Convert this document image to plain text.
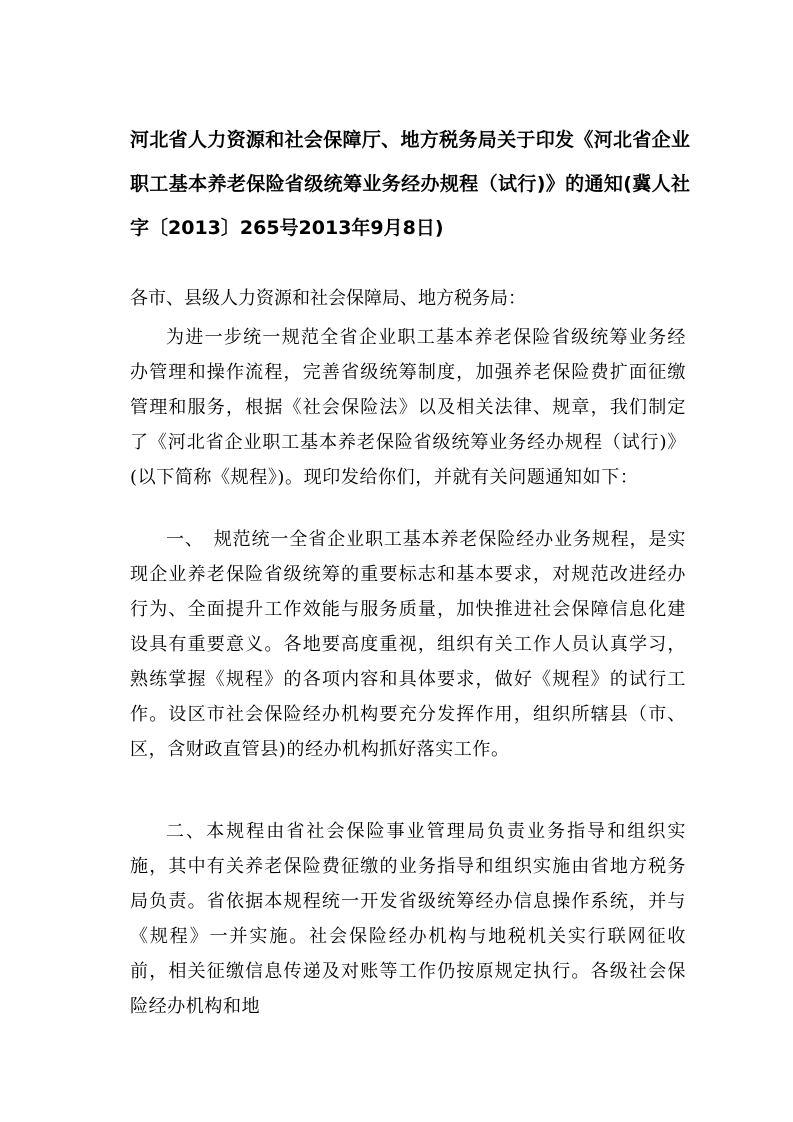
河北省人力资源和社会保障厅、地方税务局关于印发《河北省企业职工基本养老保险省级统筹业务经办规程（试行)》的通知(冀人社字〔2013〕265号2013年9月8日)

各市、县级人力资源和社会保障局、地方税务局：

为进一步统一规范全省企业职工基本养老保险省级统筹业务经办管理和操作流程，完善省级统筹制度，加强养老保险费扩面征缴管理和服务，根据《社会保险法》以及相关法律、规章，我们制定了《河北省企业职工基本养老保险省级统筹业务经办规程（试行)》(以下简称《规程》)。现印发给你们，并就有关问题通知如下：

一、　规范统一全省企业职工基本养老保险经办业务规程，是实现企业养老保险省级统筹的重要标志和基本要求，对规范改进经办行为、全面提升工作效能与服务质量，加快推进社会保障信息化建设具有重要意义。各地要高度重视，组织有关工作人员认真学习，熟练掌握《规程》的各项内容和具体要求，做好《规程》的试行工作。设区市社会保险经办机构要充分发挥作用，组织所辖县（市、区，含财政直管县)的经办机构抓好落实工作。

二、本规程由省社会保险事业管理局负责业务指导和组织实施，其中有关养老保险费征缴的业务指导和组织实施由省地方税务局负责。省依据本规程统一开发省级统筹经办信息操作系统，并与《规程》一并实施。社会保险经办机构与地税机关实行联网征收前，相关征缴信息传递及对账等工作仍按原规定执行。各级社会保险经办机构和地
